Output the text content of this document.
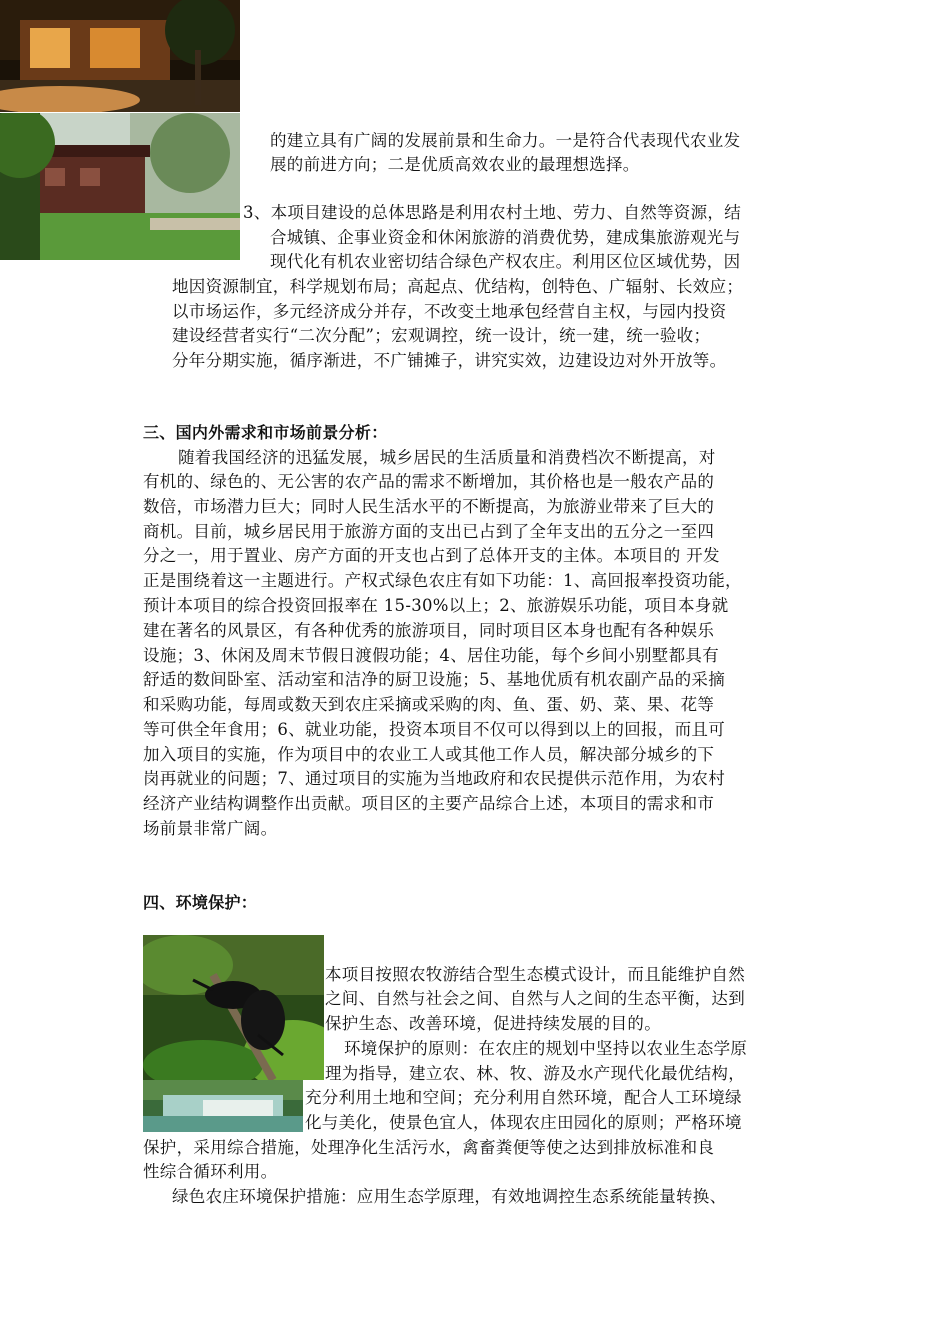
的建立具有广阔的发展前景和生命力。一是符合代表现代农业发
展的前进方向；二是优质高效农业的最理想选择。
3、本项目建设的总体思路是利用农村土地、劳力、自然等资源，结
合城镇、企事业资金和休闲旅游的消费优势，建成集旅游观光与
现代化有机农业密切结合绿色产权农庄。利用区位区域优势，因
地因资源制宜，科学规划布局；高起点、优结构，创特色、广辐射、长效应；
以市场运作，多元经济成分并存，不改变土地承包经营自主权，与园内投资
建设经营者实行“二次分配”；宏观调控，统一设计，统一建，统一验收；
分年分期实施，循序渐进，不广铺摊子，讲究实效，边建设边对外开放等。
三、国内外需求和市场前景分析：
随着我国经济的迅猛发展，城乡居民的生活质量和消费档次不断提高，对
有机的、绿色的、无公害的农产品的需求不断增加，其价格也是一般农产品的
数倍，市场潜力巨大；同时人民生活水平的不断提高，为旅游业带来了巨大的
商机。目前，城乡居民用于旅游方面的支出已占到了全年支出的五分之一至四
分之一，用于置业、房产方面的开支也占到了总体开支的主体。本项目的 开发
正是围绕着这一主题进行。产权式绿色农庄有如下功能：1、高回报率投资功能，
预计本项目的综合投资回报率在 15-30%以上；2、旅游娱乐功能，项目本身就
建在著名的风景区，有各种优秀的旅游项目，同时项目区本身也配有各种娱乐
设施；3、休闲及周末节假日渡假功能；4、居住功能，每个乡间小别墅都具有
舒适的数间卧室、活动室和洁净的厨卫设施；5、基地优质有机农副产品的采摘
和采购功能，每周或数天到农庄采摘或采购的肉、鱼、蛋、奶、菜、果、花等
等可供全年食用；6、就业功能，投资本项目不仅可以得到以上的回报，而且可
加入项目的实施，作为项目中的农业工人或其他工作人员，解决部分城乡的下
岗再就业的问题；7、通过项目的实施为当地政府和农民提供示范作用，为农村
经济产业结构调整作出贡献。项目区的主要产品综合上述，本项目的需求和市
场前景非常广阔。
四、环境保护：
本项目按照农牧游结合型生态模式设计，而且能维护自然
之间、自然与社会之间、自然与人之间的生态平衡，达到
保护生态、改善环境，促进持续发展的目的。
环境保护的原则：在农庄的规划中坚持以农业生态学原
理为指导，建立农、林、牧、游及水产现代化最优结构，
充分利用土地和空间；充分利用自然环境，配合人工环境绿
化与美化，使景色宜人，体现农庄田园化的原则；严格环境
保护，采用综合措施，处理净化生活污水，禽畜粪便等使之达到排放标准和良
性综合循环利用。
绿色农庄环境保护措施：应用生态学原理，有效地调控生态系统能量转换、
